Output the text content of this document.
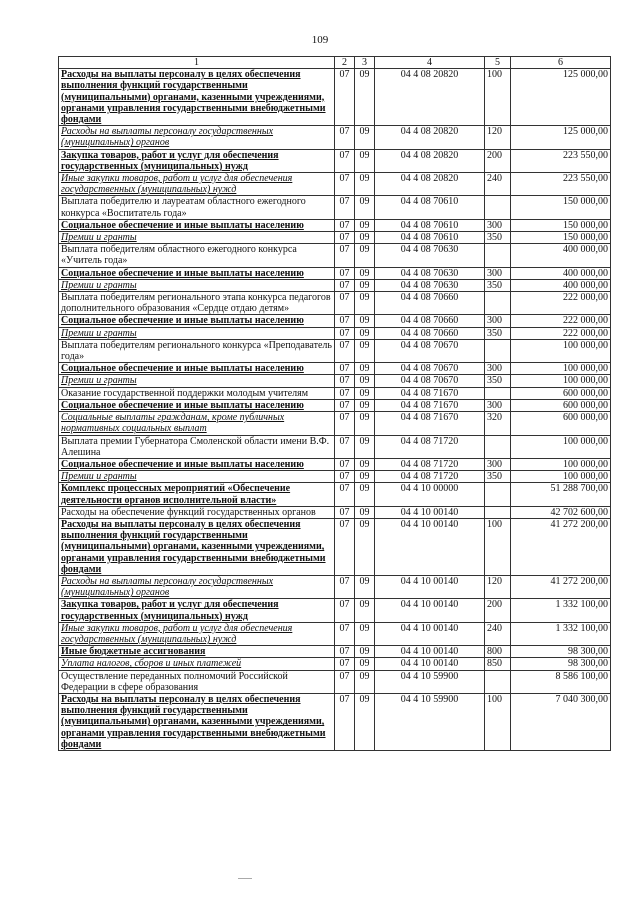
109
1	2	3	4	5	6
Расходы на выплаты персоналу в целях обеспечения выполнения функций государственными (муниципальными) органами, казенными учреждениями, органами управления государственными внебюджетными фондами	07	09	04 4 08 20820	100	125 000,00
Расходы на выплаты персоналу государственных (муниципальных) органов	07	09	04 4 08 20820	120	125 000,00
Закупка товаров, работ и услуг для обеспечения государственных (муниципальных) нужд	07	09	04 4 08 20820	200	223 550,00
Иные закупки товаров, работ и услуг для обеспечения государственных (муниципальных) нужд	07	09	04 4 08 20820	240	223 550,00
Выплата победителю и лауреатам областного ежегодного конкурса «Воспитатель года»	07	09	04 4 08 70610		150 000,00
Социальное обеспечение и иные выплаты населению	07	09	04 4 08 70610	300	150 000,00
Премии и гранты	07	09	04 4 08 70610	350	150 000,00
Выплата победителям областного ежегодного конкурса «Учитель года»	07	09	04 4 08 70630		400 000,00
Социальное обеспечение и иные выплаты населению	07	09	04 4 08 70630	300	400 000,00
Премии и гранты	07	09	04 4 08 70630	350	400 000,00
Выплата победителям регионального этапа конкурса педагогов дополнительного образования «Сердце отдаю детям»	07	09	04 4 08 70660		222 000,00
Социальное обеспечение и иные выплаты населению	07	09	04 4 08 70660	300	222 000,00
Премии и гранты	07	09	04 4 08 70660	350	222 000,00
Выплата победителям регионального конкурса «Преподаватель года»	07	09	04 4 08 70670		100 000,00
Социальное обеспечение и иные выплаты населению	07	09	04 4 08 70670	300	100 000,00
Премии и гранты	07	09	04 4 08 70670	350	100 000,00
Оказание государственной поддержки молодым учителям	07	09	04 4 08 71670		600 000,00
Социальное обеспечение и иные выплаты населению	07	09	04 4 08 71670	300	600 000,00
Социальные выплаты гражданам, кроме публичных нормативных социальных выплат	07	09	04 4 08 71670	320	600 000,00
Выплата премии Губернатора Смоленской области имени В.Ф. Алешина	07	09	04 4 08 71720		100 000,00
Социальное обеспечение и иные выплаты населению	07	09	04 4 08 71720	300	100 000,00
Премии и гранты	07	09	04 4 08 71720	350	100 000,00
Комплекс процессных мероприятий «Обеспечение деятельности органов исполнительной власти»	07	09	04 4 10 00000		51 288 700,00
Расходы на обеспечение функций государственных органов	07	09	04 4 10 00140		42 702 600,00
Расходы на выплаты персоналу в целях обеспечения выполнения функций государственными (муниципальными) органами, казенными учреждениями, органами управления государственными внебюджетными фондами	07	09	04 4 10 00140	100	41 272 200,00
Расходы на выплаты персоналу государственных (муниципальных) органов	07	09	04 4 10 00140	120	41 272 200,00
Закупка товаров, работ и услуг для обеспечения государственных (муниципальных) нужд	07	09	04 4 10 00140	200	1 332 100,00
Иные закупки товаров, работ и услуг для обеспечения государственных (муниципальных) нужд	07	09	04 4 10 00140	240	1 332 100,00
Иные бюджетные ассигнования	07	09	04 4 10 00140	800	98 300,00
Уплата налогов, сборов и иных платежей	07	09	04 4 10 00140	850	98 300,00
Осуществление переданных полномочий Российской Федерации в сфере образования	07	09	04 4 10 59900		8 586 100,00
Расходы на выплаты персоналу в целях обеспечения выполнения функций государственными (муниципальными) органами, казенными учреждениями, органами управления государственными внебюджетными фондами	07	09	04 4 10 59900	100	7 040 300,00
